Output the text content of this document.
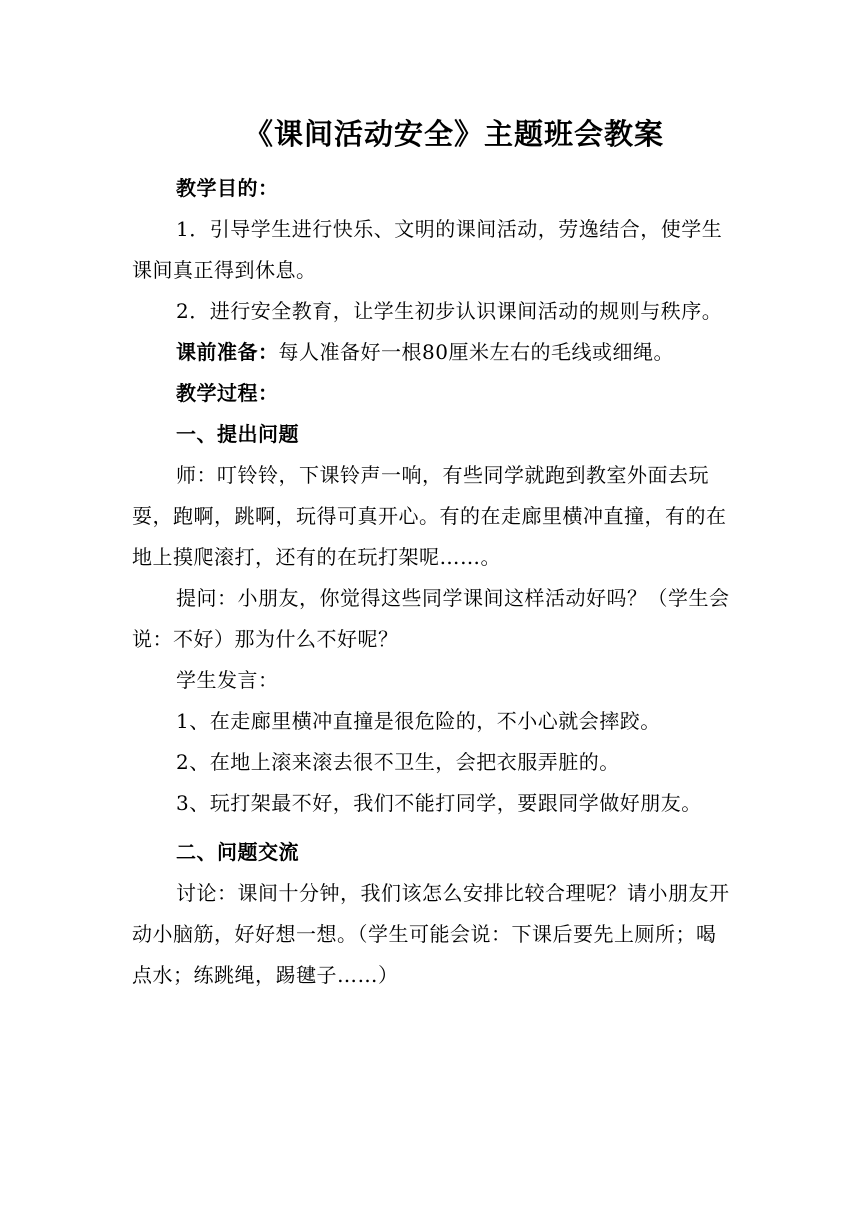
《课间活动安全》主题班会教案

教学目的：

1．引导学生进行快乐、文明的课间活动，劳逸结合，使学生课间真正得到休息。

2．进行安全教育，让学生初步认识课间活动的规则与秩序。

课前准备：每人准备好一根80厘米左右的毛线或细绳。

教学过程：

一、提出问题

师：叮铃铃，下课铃声一响，有些同学就跑到教室外面去玩耍，跑啊，跳啊，玩得可真开心。有的在走廊里横冲直撞，有的在地上摸爬滚打，还有的在玩打架呢……。

提问：小朋友，你觉得这些同学课间这样活动好吗？（学生会说：不好）那为什么不好呢？

学生发言：

1、在走廊里横冲直撞是很危险的，不小心就会摔跤。

2、在地上滚来滚去很不卫生，会把衣服弄脏的。

3、玩打架最不好，我们不能打同学，要跟同学做好朋友。

二、问题交流

讨论：课间十分钟，我们该怎么安排比较合理呢？请小朋友开动小脑筋，好好想一想。（学生可能会说：下课后要先上厕所；喝点水；练跳绳，踢毽子……）
